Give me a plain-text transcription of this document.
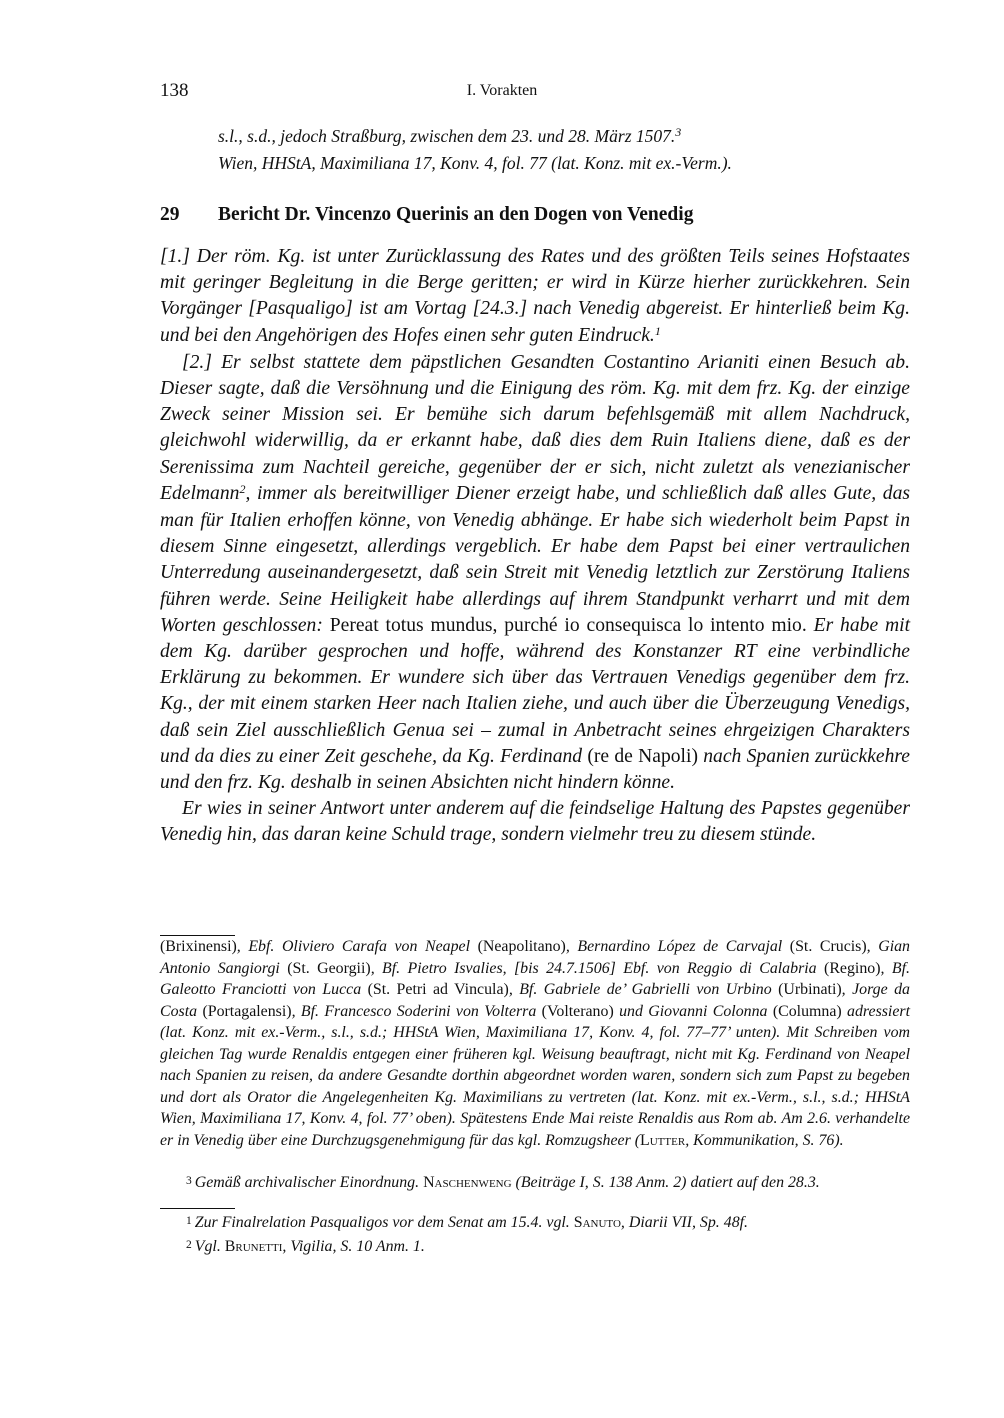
138	I. Vorakten
s.l., s.d., jedoch Straßburg, zwischen dem 23. und 28. März 1507.$^3$
Wien, HHStA, Maximiliana 17, Konv. 4, fol. 77 (lat. Konz. mit ex.-Verm.).
29 Bericht Dr. Vincenzo Querinis an den Dogen von Venedig

[1.] Der röm. Kg. ist unter Zurücklassung des Rates und des größten Teils seines Hofstaates mit geringer Begleitung in die Berge geritten; er wird in Kürze hierher zurückkehren. Sein Vorgänger [Pasqualigo] ist am Vortag [24.3.] nach Venedig abgereist. Er hinterließ beim Kg. und bei den Angehörigen des Hofes einen sehr guten Eindruck.$^1$

[2.] Er selbst stattete dem päpstlichen Gesandten Costantino Arianiti einen Besuch ab. Dieser sagte, daß die Versöhnung und die Einigung des röm. Kg. mit dem frz. Kg. der einzige Zweck seiner Mission sei. Er bemühe sich darum befehlsgemäß mit allem Nachdruck, gleichwohl widerwillig, da er erkannt habe, daß dies dem Ruin Italiens diene, daß es der Serenissima zum Nachteil gereiche, gegenüber der er sich, nicht zuletzt als venezianischer Edelmann$^2$, immer als bereitwilliger Diener erzeigt habe, und schließlich daß alles Gute, das man für Italien erhoffen könne, von Venedig abhänge. Er habe sich wiederholt beim Papst in diesem Sinne eingesetzt, allerdings vergeblich. Er habe dem Papst bei einer vertraulichen Unterredung auseinandergesetzt, daß sein Streit mit Venedig letztlich zur Zerstörung Italiens führen werde. Seine Heiligkeit habe allerdings auf ihrem Standpunkt verharrt und mit dem Worten geschlossen: Pereat totus mundus, purché io consequisca lo intento mio. Er habe mit dem Kg. darüber gesprochen und hoffe, während des Konstanzer RT eine verbindliche Erklärung zu bekommen. Er wundere sich über das Vertrauen Venedigs gegenüber dem frz. Kg., der mit einem starken Heer nach Italien ziehe, und auch über die Überzeugung Venedigs, daß sein Ziel ausschließlich Genua sei – zumal in Anbetracht seines ehrgeizigen Charakters und da dies zu einer Zeit geschehe, da Kg. Ferdinand (re de Napoli) nach Spanien zurückkehre und den frz. Kg. deshalb in seinen Absichten nicht hindern könne.

Er wies in seiner Antwort unter anderem auf die feindselige Haltung des Papstes gegenüber Venedig hin, das daran keine Schuld trage, sondern vielmehr treu zu diesem stünde.

(Brixinensi), Ebf. Oliviero Carafa von Neapel (Neapolitano), Bernardino López de Carvajal (St. Crucis), Gian Antonio Sangiorgi (St. Georgii), Bf. Pietro Isvalies, [bis 24.7.1506] Ebf. von Reggio di Calabria (Regino), Bf. Galeotto Franciotti von Lucca (St. Petri ad Vincula), Bf. Gabriele de’ Gabrielli von Urbino (Urbinati), Jorge da Costa (Portagalensi), Bf. Francesco Soderini von Volterra (Volterano) und Giovanni Colonna (Columna) adressiert (lat. Konz. mit ex.-Verm., s.l., s.d.; HHStA Wien, Maximiliana 17, Konv. 4, fol. 77–77’ unten). Mit Schreiben vom gleichen Tag wurde Renaldis entgegen einer früheren kgl. Weisung beauftragt, nicht mit Kg. Ferdinand von Neapel nach Spanien zu reisen, da andere Gesandte dorthin abgeordnet worden waren, sondern sich zum Papst zu begeben und dort als Orator die Angelegenheiten Kg. Maximilians zu vertreten (lat. Konz. mit ex.-Verm., s.l., s.d.; HHStA Wien, Maximiliana 17, Konv. 4, fol. 77’ oben). Spätestens Ende Mai reiste Renaldis aus Rom ab. Am 2.6. verhandelte er in Venedig über eine Durchzugsgenehmigung für das kgl. Romzugsheer (Lutter, Kommunikation, S. 76).
3 Gemäß archivalischer Einordnung. Naschenweng (Beiträge I, S. 138 Anm. 2) datiert auf den 28.3.

1 Zur Finalrelation Pasqualigos vor dem Senat am 15.4. vgl. Sanuto, Diarii VII, Sp. 48f.

2 Vgl. Brunetti, Vigilia, S. 10 Anm. 1.
